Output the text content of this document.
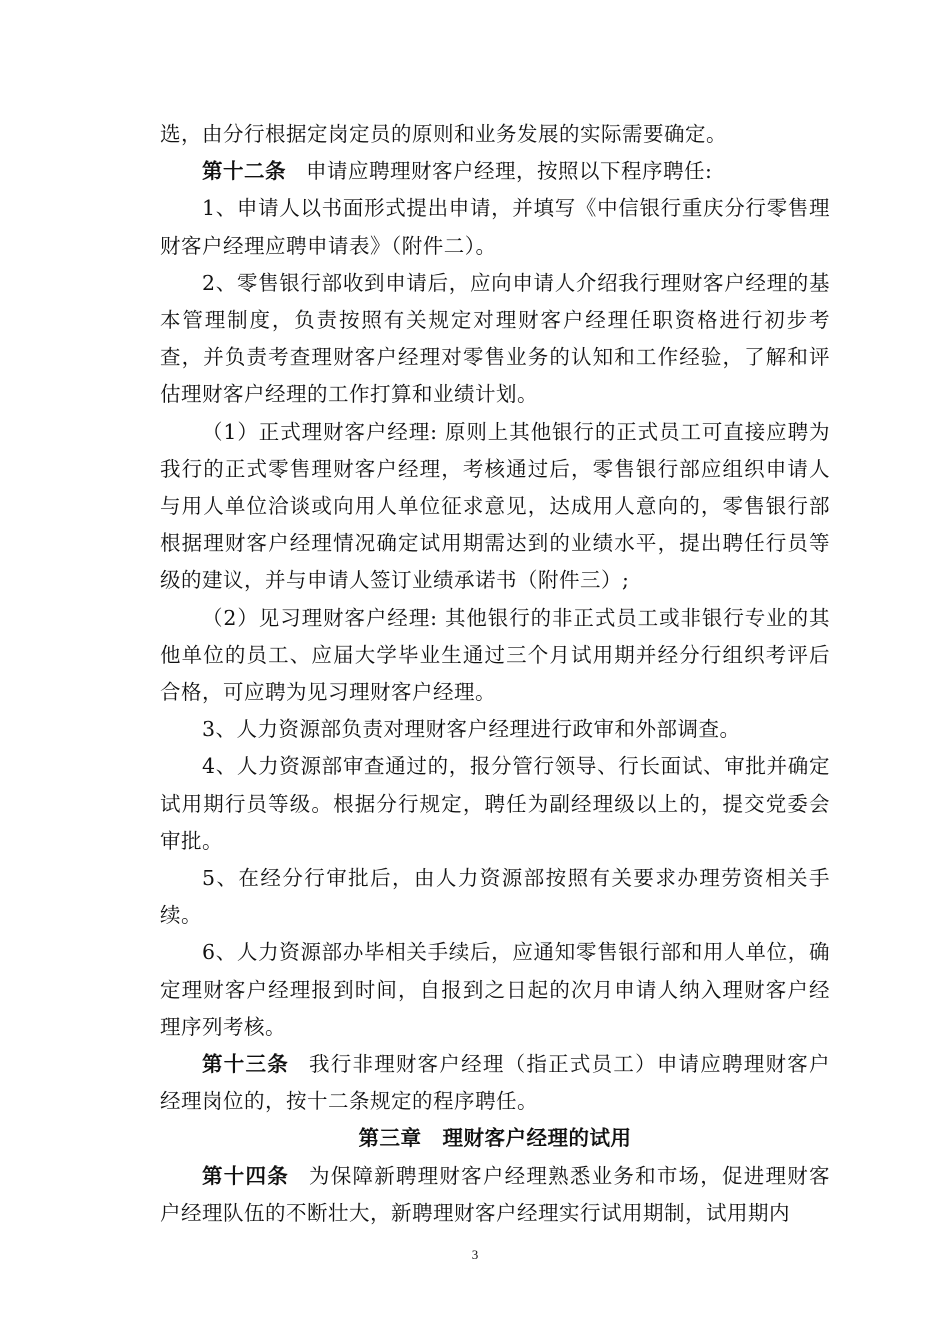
选，由分行根据定岗定员的原则和业务发展的实际需要确定。

第十二条 申请应聘理财客户经理，按照以下程序聘任:

1、申请人以书面形式提出申请，并填写《中信银行重庆分行零售理财客户经理应聘申请表》（附件二）。

2、零售银行部收到申请后，应向申请人介绍我行理财客户经理的基本管理制度，负责按照有关规定对理财客户经理任职资格进行初步考查，并负责考查理财客户经理对零售业务的认知和工作经验，了解和评估理财客户经理的工作打算和业绩计划。

（1）正式理财客户经理: 原则上其他银行的正式员工可直接应聘为我行的正式零售理财客户经理，考核通过后，零售银行部应组织申请人与用人单位洽谈或向用人单位征求意见，达成用人意向的，零售银行部根据理财客户经理情况确定试用期需达到的业绩水平，提出聘任行员等级的建议，并与申请人签订业绩承诺书（附件三）;

（2）见习理财客户经理: 其他银行的非正式员工或非银行专业的其他单位的员工、应届大学毕业生通过三个月试用期并经分行组织考评后合格，可应聘为见习理财客户经理。

3、人力资源部负责对理财客户经理进行政审和外部调查。

4、人力资源部审查通过的，报分管行领导、行长面试、审批并确定试用期行员等级。根据分行规定，聘任为副经理级以上的，提交党委会审批。

5、在经分行审批后，由人力资源部按照有关要求办理劳资相关手续。

6、人力资源部办毕相关手续后，应通知零售银行部和用人单位，确定理财客户经理报到时间，自报到之日起的次月申请人纳入理财客户经理序列考核。

第十三条 我行非理财客户经理（指正式员工）申请应聘理财客户经理岗位的，按十二条规定的程序聘任。

第三章　理财客户经理的试用

第十四条 为保障新聘理财客户经理熟悉业务和市场，促进理财客户经理队伍的不断壮大，新聘理财客户经理实行试用期制，试用期内

3
